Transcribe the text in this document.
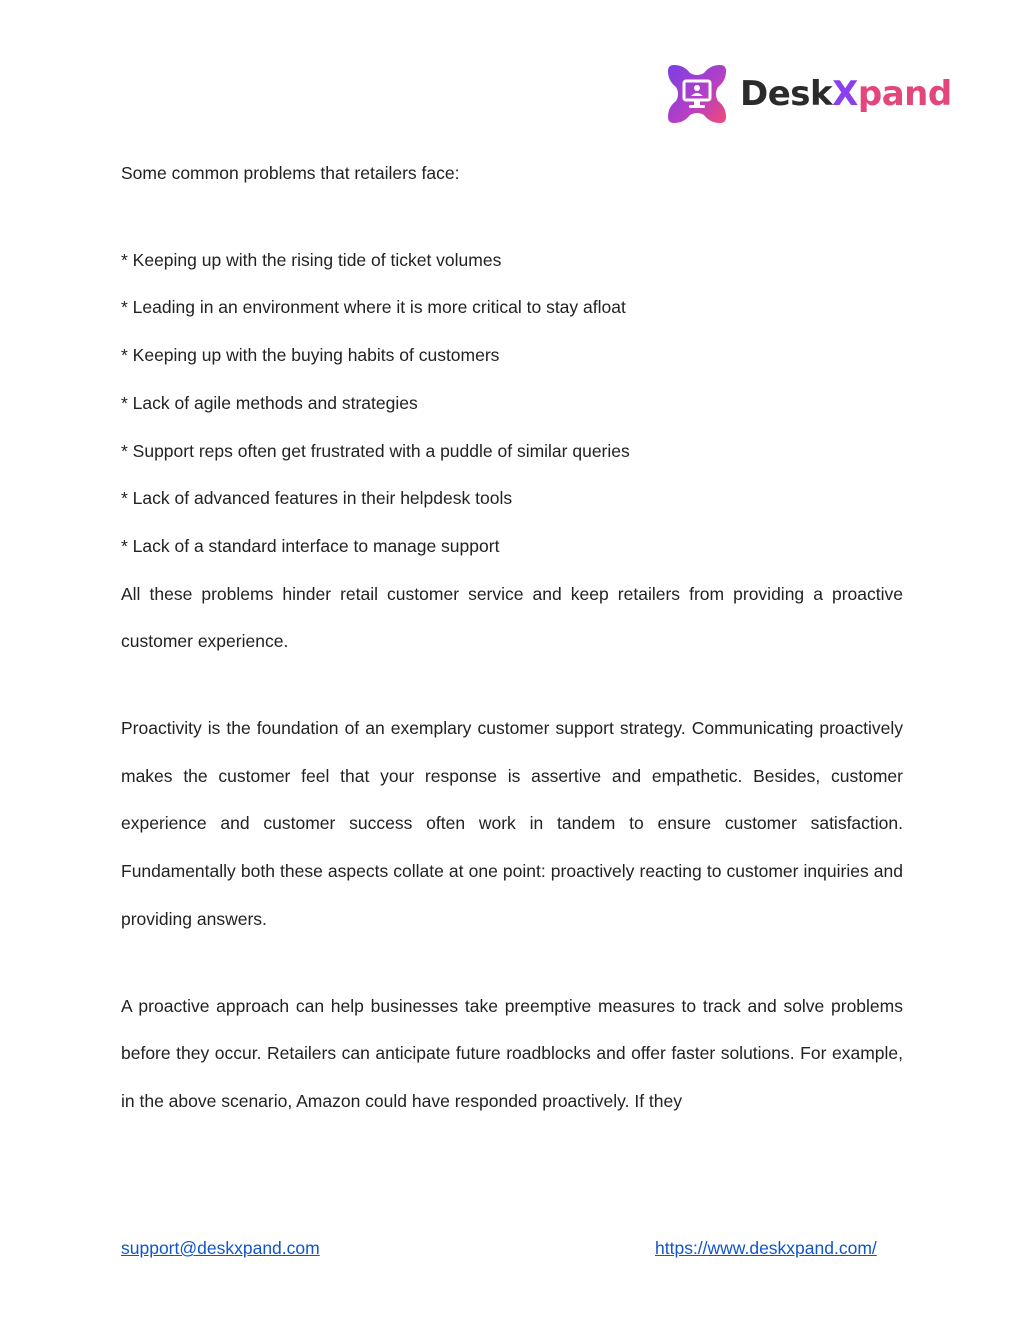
DeskXpand

Some common problems that retailers face:

* Keeping up with the rising tide of ticket volumes

* Leading in an environment where it is more critical to stay afloat

* Keeping up with the buying habits of customers

* Lack of agile methods and strategies

* Support reps often get frustrated with a puddle of similar queries

* Lack of advanced features in their helpdesk tools

* Lack of a standard interface to manage support

All these problems hinder retail customer service and keep retailers from providing a proactive customer experience.

Proactivity is the foundation of an exemplary customer support strategy. Communicating proactively makes the customer feel that your response is assertive and empathetic. Besides, customer experience and customer success often work in tandem to ensure customer satisfaction. Fundamentally both these aspects collate at one point: proactively reacting to customer inquiries and providing answers.

A proactive approach can help businesses take preemptive measures to track and solve problems before they occur. Retailers can anticipate future roadblocks and offer faster solutions. For example, in the above scenario, Amazon could have responded proactively. If they

support@deskxpand.com	https://www.deskxpand.com/
